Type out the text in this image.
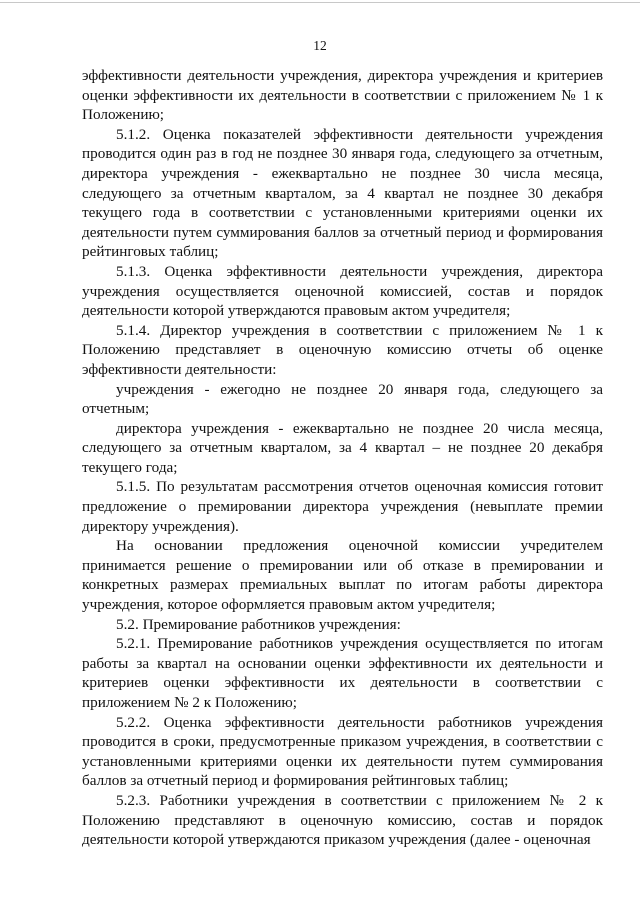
12

эффективности деятельности учреждения, директора учреждения и критериев оценки эффективности их деятельности в соответствии с приложением № 1 к Положению;

5.1.2. Оценка показателей эффективности деятельности учреждения проводится один раз в год не позднее 30 января года, следующего за отчетным, директора учреждения - ежеквартально не позднее 30 числа месяца, следующего за отчетным кварталом, за 4 квартал не позднее 30 декабря текущего года в соответствии с установленными критериями оценки их деятельности путем суммирования баллов за отчетный период и формирования рейтинговых таблиц;

5.1.3. Оценка эффективности деятельности учреждения, директора учреждения осуществляется оценочной комиссией, состав и порядок деятельности которой утверждаются правовым актом учредителя;

5.1.4. Директор учреждения в соответствии с приложением № 1 к Положению представляет в оценочную комиссию отчеты об оценке эффективности деятельности:

учреждения - ежегодно не позднее 20 января года, следующего за отчетным;

директора учреждения - ежеквартально не позднее 20 числа месяца, следующего за отчетным кварталом, за 4 квартал – не позднее 20 декабря текущего года;

5.1.5. По результатам рассмотрения отчетов оценочная комиссия готовит предложение о премировании директора учреждения (невыплате премии директору учреждения).

На основании предложения оценочной комиссии учредителем принимается решение о премировании или об отказе в премировании и конкретных размерах премиальных выплат по итогам работы директора учреждения, которое оформляется правовым актом учредителя;

5.2. Премирование работников учреждения:

5.2.1. Премирование работников учреждения осуществляется по итогам работы за квартал на основании оценки эффективности их деятельности и критериев оценки эффективности их деятельности в соответствии с приложением № 2 к Положению;

5.2.2. Оценка эффективности деятельности работников учреждения проводится в сроки, предусмотренные приказом учреждения, в соответствии с установленными критериями оценки их деятельности путем суммирования баллов за отчетный период и формирования рейтинговых таблиц;

5.2.3. Работники учреждения в соответствии с приложением № 2 к Положению представляют в оценочную комиссию, состав и порядок деятельности которой утверждаются приказом учреждения (далее - оценочная
